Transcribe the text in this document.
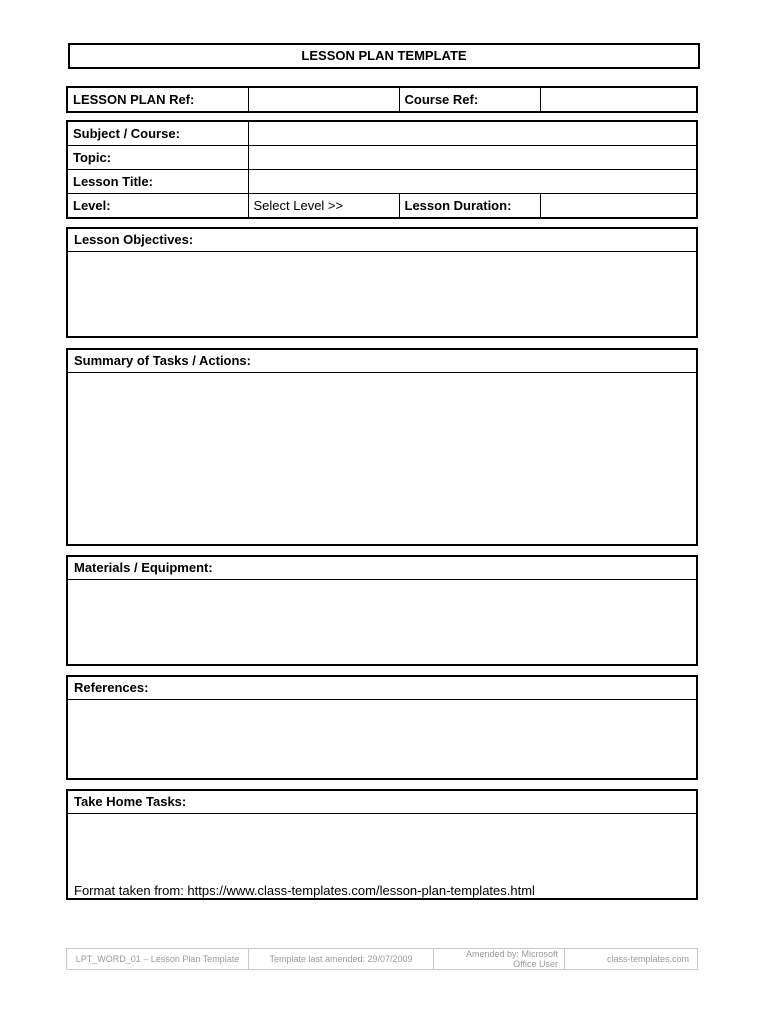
LESSON PLAN TEMPLATE
LESSON PLAN Ref:		Course Ref:	
Subject / Course:			
Topic:			
Lesson Title:			
Level:	Select Level >>	Lesson Duration:	
Lesson Objectives:
Summary of Tasks / Actions:
Materials / Equipment:
References:
Take Home Tasks:
Format taken from: https://www.class-templates.com/lesson-plan-templates.html
LPT_WORD_01 – Lesson Plan Template	Template last amended: 29/07/2009	Amended by: Microsoft
Office User	class-templates.com
